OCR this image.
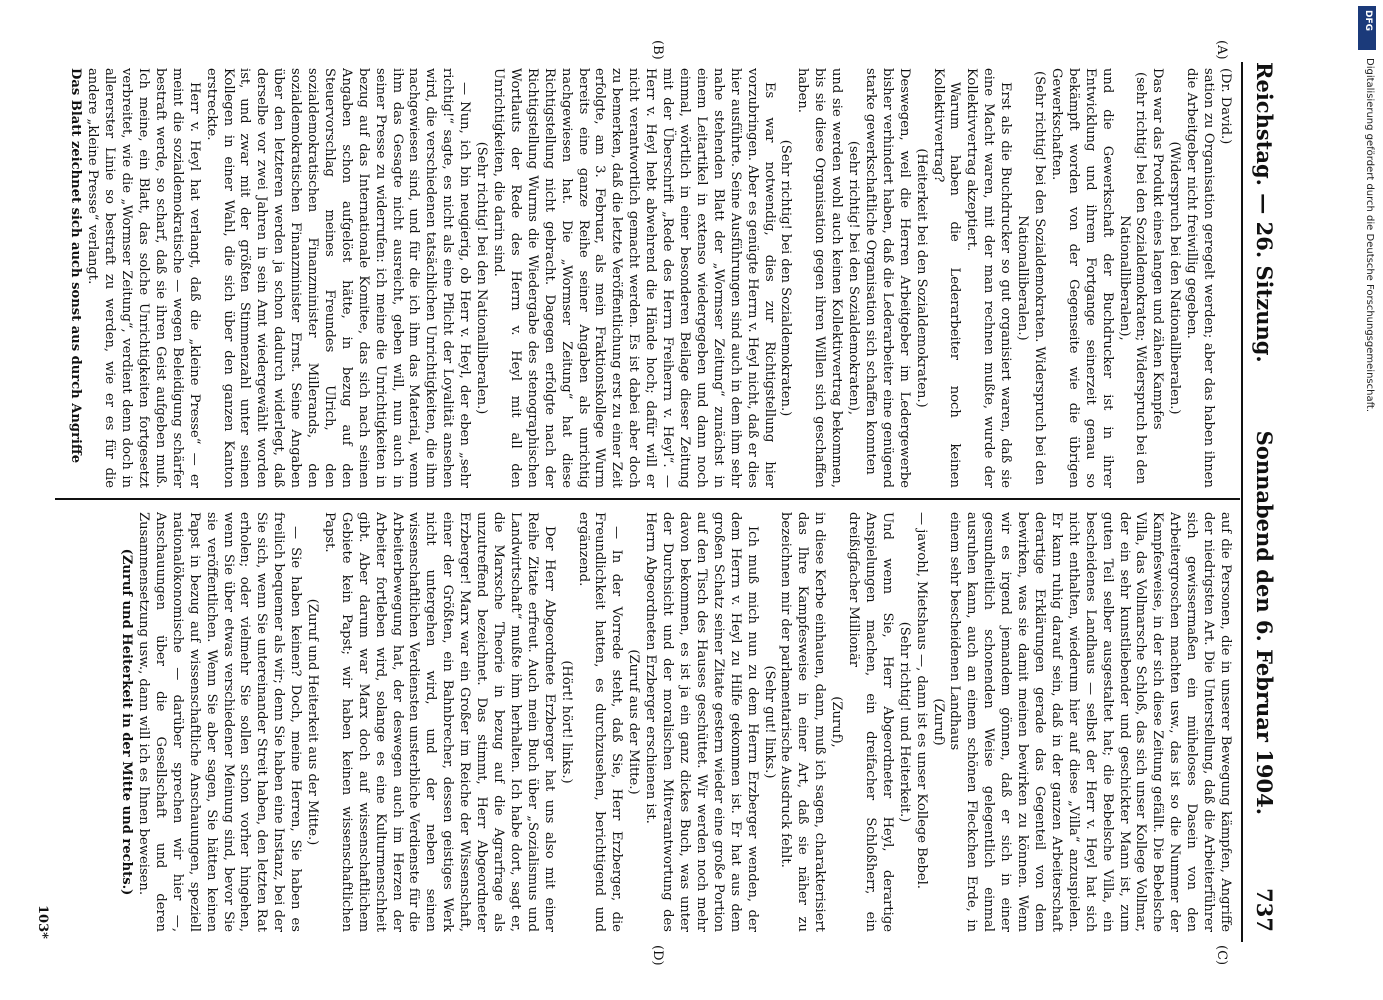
Reichstag. — 26. Sitzung.
Sonnabend den 6. Februar 1904.          737
(A)
(B)
(C)
(D)

(Dr. David.)

sation zu Organisation geregelt werden; aber das haben ihnen die Arbeitgeber nicht freiwillig gegeben.

(Widerspruch bei den Nationalliberalen.)

Das war das Produkt eines langen und zähen Kampfes

(sehr richtig! bei den Sozialdemokraten; Widerspruch bei den Nationalliberalen),

und die Gewerkschaft der Buchdrucker ist in ihrer Entwicklung und ihrem Fortgange seinerzeit genau so bekämpft worden von der Gegenseite wie die übrigen Gewerkschaften.

(Sehr richtig! bei den Sozialdemokraten. Widerspruch bei den Nationalliberalen.)

Erst als die Buchdrucker so gut organisiert waren, daß sie eine Macht waren, mit der man rechnen mußte, wurde der Kollektivvertrag akzeptiert.

Warum haben die Lederarbeiter noch keinen Kollektivvertrag?

(Heiterkeit bei den Sozialdemokraten.)

Deswegen, weil die Herren Arbeitgeber im Ledergewerbe bisher verhindert haben, daß die Lederarbeiter eine genügend starke gewerkschaftliche Organisation sich schaffen konnten

(sehr richtig! bei den Sozialdemokraten),

und sie werden wohl auch keinen Kollektivvertrag bekommen, bis sie diese Organisation gegen ihren Willen sich geschaffen haben.

(Sehr richtig! bei den Sozialdemokraten.)

Es war notwendig, dies zur Richtigstellung hier vorzubringen. Aber es genügte Herrn v. Heyl nicht, daß er dies hier ausführte. Seine Ausführungen sind auch in dem ihm sehr nahe stehenden Blatt der „Wormser Zeitung“ zunächst in einem Leitartikel in extenso wiedergegeben und dann noch einmal, wörtlich in einer besonderen Beilage dieser Zeitung mit der Überschrift „Rede des Herrn Freiherrn v. Heyl“. — Herr v. Heyl hebt abwehrend die Hände hoch; dafür will er nicht verantwortlich gemacht werden. Es ist dabei aber doch zu bemerken, daß die letzte Veröffentlichung erst zu einer Zeit erfolgte, am 3. Februar, als mein Fraktionskollege Wurm bereits eine ganze Reihe seiner Angaben als unrichtig nachgewiesen hat. Die „Wormser Zeitung“ hat diese Richtigstellung nicht gebracht. Dagegen erfolgte nach der Richtigstellung Wurms die Wiedergabe des stenographischen Wortlauts der Rede des Herrn v. Heyl mit all den Unrichtigkeiten, die darin sind.

(Sehr richtig! bei den Nationalliberalen.)

— Nun, ich bin neugierig, ob Herr v. Heyl, der eben „sehr richtig!“ sagte, es nicht als eine Pflicht der Loyalität ansehen wird, die verschiedenen tatsächlichen Unrichtigkeiten, die ihm nachgewiesen sind, und für die ich ihm das Material, wenn ihm das Gesagte nicht ausreicht, geben will, nun auch in seiner Presse zu widerrufen: ich meine die Unrichtigkeiten in bezug auf das Internationale Komitee, das sich nach seinen Angaben schon aufgelöst hätte, in bezug auf den Steuervorschlag meines Freundes Ulrich, den sozialdemokratischen Finanzminister Millerands, den sozialdemokratischen Finanzminister Ernst. Seine Angaben über den letzteren werden ja schon dadurch widerlegt, daß derselbe vor zwei Jahren in sein Amt wiedergewählt worden ist, und zwar mit der größten Stimmenzahl unter seinen Kollegen in einer Wahl, die sich über den ganzen Kanton erstreckte.

Herr v. Heyl hat verlangt, daß die „kleine Presse“ — er meint die sozialdemokratische — wegen Beleidigung schärfer bestraft werde, so scharf, daß sie ihren Geist aufgeben muß. Ich meine, ein Blatt, das solche Unrichtigkeiten fortgesetzt verbreitet, wie die „Wormser Zeitung“, verdient denn doch in allererster Linie so bestraft zu werden, wie er es für die andere „kleine Presse“ verlangt.

Das Blatt zeichnet sich auch sonst aus durch Angriffe

auf die Personen, die in unserer Bewegung kämpfen, Angriffe der niedrigsten Art. Die Unterstellung, daß die Arbeiterführer sich gewissermaßen ein müheloses Dasein von den Arbeitergroschen machten usw., das ist so die Nummer der Kampfesweise, in der sich diese Zeitung gefällt. Die Bebelsche Villa, das Vollmarsche Schloß, das sich unser Kollege Vollmar, der ein sehr kunstliebender und geschickter Mann ist, zum guten Teil selber ausgestaltet hat; die Bebelsche Villa, ein bescheidenes Landhaus — selbst der Herr v. Heyl hat sich nicht enthalten, wiederum hier auf diese „Villa“ anzuspielen. Er kann ruhig darauf sein, daß in der ganzen Arbeiterschaft derartige Erklärungen gerade das Gegenteil von dem bewirken, was sie damit meinen bewirken zu können. Wenn wir es irgend jemandem gönnen, daß er sich in einer gesundheitlich schonenden Weise gelegentlich einmal ausruhen kann, auch an einem schönen Fleckchen Erde, in einem sehr bescheidenen Landhaus

(Zuruf)

— jawohl, Mietshaus —, dann ist es unser Kollege Bebel.

(Sehr richtig! und Heiterkeit.)

Und wenn Sie, Herr Abgeordneter Heyl, derartige Anspielungen machen, ein dreifacher Schloßherr, ein dreißigfacher Millionär

(Zuruf),

in diese Kerbe einhauen, dann, muß ich sagen, charakterisiert das Ihre Kampfesweise in einer Art, daß sie näher zu bezeichnen mir der parlamentarische Ausdruck fehlt.

(Sehr gut! links.)

Ich muß mich nun zu dem Herrn Erzberger wenden, der dem Herrn v. Heyl zu Hilfe gekommen ist. Er hat aus dem großen Schatz seiner Zitate gestern wieder eine große Portion auf den Tisch des Hauses geschüttet. Wir werden noch mehr davon bekommen, es ist ja ein ganz dickes Buch, was unter der Durchsicht und der moralischen Mitverantwortung des Herrn Abgeordneten Erzberger erschienen ist.

(Zuruf aus der Mitte.)

— In der Vorrede steht, daß Sie, Herr Erzberger, die Freundlichkeit hatten, es durchzusehen, berichtigend und ergänzend.

(Hört! hört! links.)

Der Herr Abgeordnete Erzberger hat uns also mit einer Reihe Zitate erfreut. Auch mein Buch über „Sozialismus und Landwirtschaft“ mußte ihm herhalten. Ich habe dort, sagt er, die Marxsche Theorie in bezug auf die Agrarfrage als unzutreffend bezeichnet. Das stimmt, Herr Abgeordneter Erzberger! Marx war ein Großer im Reiche der Wissenschaft, einer der Größten, ein Bahnbrecher, dessen geistiges Werk nicht untergehen wird, und der neben seinen wissenschaftlichen Verdiensten unsterbliche Verdienste für die Arbeiterbewegung hat, der deswegen auch im Herzen der Arbeiter fortleben wird, solange es eine Kulturmenschheit gibt. Aber darum war Marx doch auf wissenschaftlichem Gebiete kein Papst; wir haben keinen wissenschaftlichen Papst.

(Zuruf und Heiterkeit aus der Mitte.)

— Sie haben keinen? Doch, meine Herren, Sie haben es freilich bequemer als wir; denn Sie haben eine Instanz, bei der Sie sich, wenn Sie untereinander Streit haben, den letzten Rat erholen; oder vielmehr Sie sollen schon vorher hingehen, wenn Sie über etwas verschiedener Meinung sind, bevor Sie sie veröffentlichen. Wenn Sie aber sagen, Sie hätten keinen Papst in bezug auf wissenschaftliche Anschauungen, speziell nationalökonomische — darüber sprechen wir hier —, Anschauungen über die Gesellschaft und deren Zusammensetzung usw., dann will ich es Ihnen beweisen.

(Zuruf und Heiterkeit in der Mitte und rechts.)

103*
DFG
Digitalisierung gefördert durch die Deutsche Forschungsgemeinschaft.
